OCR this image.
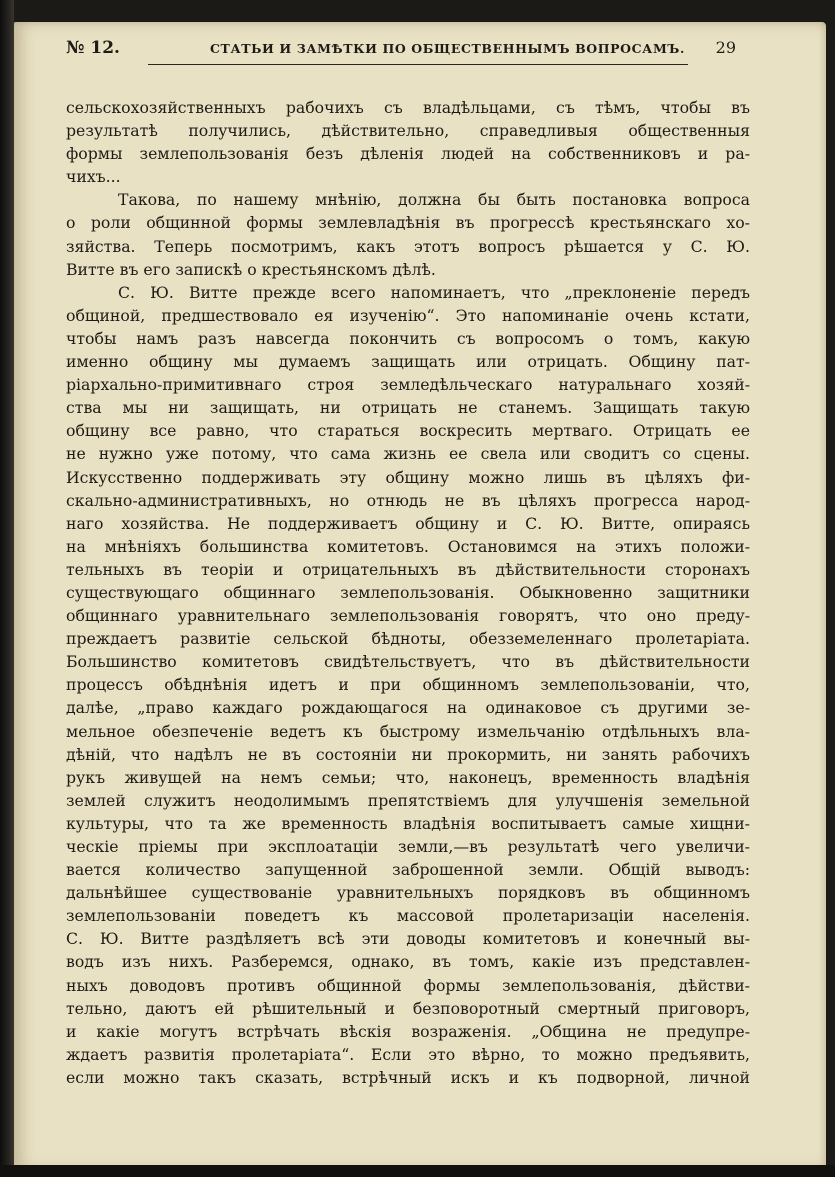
№ 12.	СТАТЬИ И ЗАМѢТКИ ПО ОБЩЕСТВЕННЫМЪ ВОПРОСАМЪ. 29
сельскохозяйственныхъ рабочихъ съ владѣльцами, съ тѣмъ, чтобы въ
результатѣ получились, дѣйствительно, справедливыя общественныя
формы землепользованія безъ дѣленія людей на собственниковъ и ра-
чихъ...
Такова, по нашему мнѣнію, должна бы быть постановка вопроса
о роли общинной формы землевладѣнія въ прогрессѣ крестьянскаго хо-
зяйства. Теперь посмотримъ, какъ этотъ вопросъ рѣшается у С. Ю.
Витте въ его запискѣ о крестьянскомъ дѣлѣ.
С. Ю. Витте прежде всего напоминаетъ, что „преклоненіе передъ
общиной, предшествовало ея изученію“. Это напоминаніе очень кстати,
чтобы намъ разъ навсегда покончить съ вопросомъ о томъ, какую
именно общину мы думаемъ защищать или отрицать. Общину пат-
ріархально-примитивнаго строя земледѣльческаго натуральнаго хозяй-
ства мы ни защищать, ни отрицать не станемъ. Защищать такую
общину все равно, что стараться воскресить мертваго. Отрицать ее
не нужно уже потому, что сама жизнь ее свела или сводитъ со сцены.
Искусственно поддерживать эту общину можно лишь въ цѣляхъ фи-
скально-административныхъ, но отнюдь не въ цѣляхъ прогресса народ-
наго хозяйства. Не поддерживаетъ общину и С. Ю. Витте, опираясь
на мнѣніяхъ большинства комитетовъ. Остановимся на этихъ положи-
тельныхъ въ теоріи и отрицательныхъ въ дѣйствительности сторонахъ
существующаго общиннаго землепользованія. Обыкновенно защитники
общиннаго уравнительнаго землепользованія говорятъ, что оно преду-
преждаетъ развитіе сельской бѣдноты, обезземеленнаго пролетаріата.
Большинство комитетовъ свидѣтельствуетъ, что въ дѣйствительности
процессъ обѣднѣнія идетъ и при общинномъ землепользованіи, что,
далѣе, „право каждаго рождающагося на одинаковое съ другими зе-
мельное обезпеченіе ведетъ къ быстрому измельчанію отдѣльныхъ вла-
дѣній, что надѣлъ не въ состояніи ни прокормить, ни занять рабочихъ
рукъ живущей на немъ семьи; что, наконецъ, временность владѣнія
землей служитъ неодолимымъ препятствіемъ для улучшенія земельной
культуры, что та же временность владѣнія воспитываетъ самые хищни-
ческіе пріемы при эксплоатаціи земли,—въ результатѣ чего увеличи-
вается количество запущенной заброшенной земли. Общій выводъ:
дальнѣйшее существованіе уравнительныхъ порядковъ въ общинномъ
землепользованіи поведетъ къ массовой пролетаризаціи населенія.
С. Ю. Витте раздѣляетъ всѣ эти доводы комитетовъ и конечный вы-
водъ изъ нихъ. Разберемся, однако, въ томъ, какіе изъ представлен-
ныхъ доводовъ противъ общинной формы землепользованія, дѣйстви-
тельно, даютъ ей рѣшительный и безповоротный смертный приговоръ,
и какіе могутъ встрѣчать вѣскія возраженія. „Община не предупре-
ждаетъ развитія пролетаріата“. Если это вѣрно, то можно предъявить,
если можно такъ сказать, встрѣчный искъ и къ подворной, личной
